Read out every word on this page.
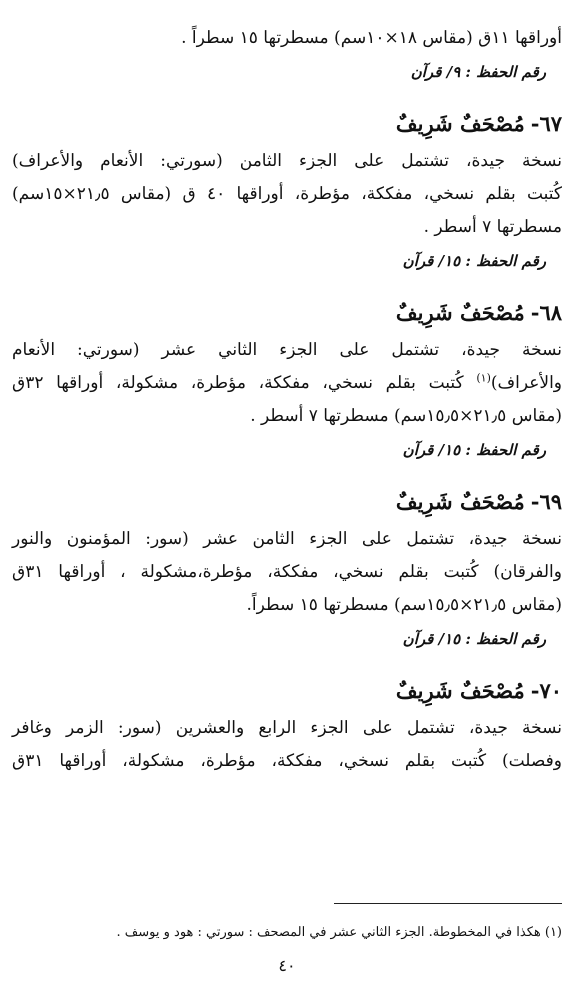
أوراقها ۱۱ق (مقاس ۱۸×۱۰سم) مسطرتها ۱٥ سطراً .
رقم الحفظ : ۹/ قرآن
٦٧-مُصْحَفٌ شَرِيفٌ
نسخة جيدة، تشتمل على الجزء الثامن (سورتي: الأنعام والأعراف)
كُتبت بقلم نسخي، مفككة، مؤطرة، أوراقها ٤٠ ق (مقاس ۲۱٫٥×۱٥سم)
مسطرتها ۷ أسطر .
رقم الحفظ : ۱٥/ قرآن
٦٨-مُصْحَفٌ شَرِيفٌ
نسخة جيدة، تشتمل على الجزء الثاني عشر (سورتي: الأنعام
والأعراف)$^{(۱)}$ كُتبت بقلم نسخي، مفككة، مؤطرة، مشكولة، أوراقها ۳۲ق
(مقاس ۲۱٫٥×۱٥٫٥سم) مسطرتها ۷ أسطر .
رقم الحفظ : ۱٥/ قرآن
٦٩-مُصْحَفٌ شَرِيفٌ
نسخة جيدة، تشتمل على الجزء الثامن عشر (سور: المؤمنون والنور
والفرقان) كُتبت بقلم نسخي، مفككة، مؤطرة،مشكولة ، أوراقها ۳۱ق
(مقاس ۲۱٫٥×۱٥٫٥سم) مسطرتها ۱٥ سطراً.
رقم الحفظ : ۱٥/ قرآن
۷۰-مُصْحَفٌ شَرِيفٌ
نسخة جيدة، تشتمل على الجزء الرابع والعشرين (سور: الزمر وغافر
وفصلت) كُتبت بقلم نسخي، مفككة، مؤطرة، مشكولة، أوراقها ۳۱ق
(۱) هكذا في المخطوطة. الجزء الثاني عشر في المصحف : سورتي : هود و يوسف .
٤٠
